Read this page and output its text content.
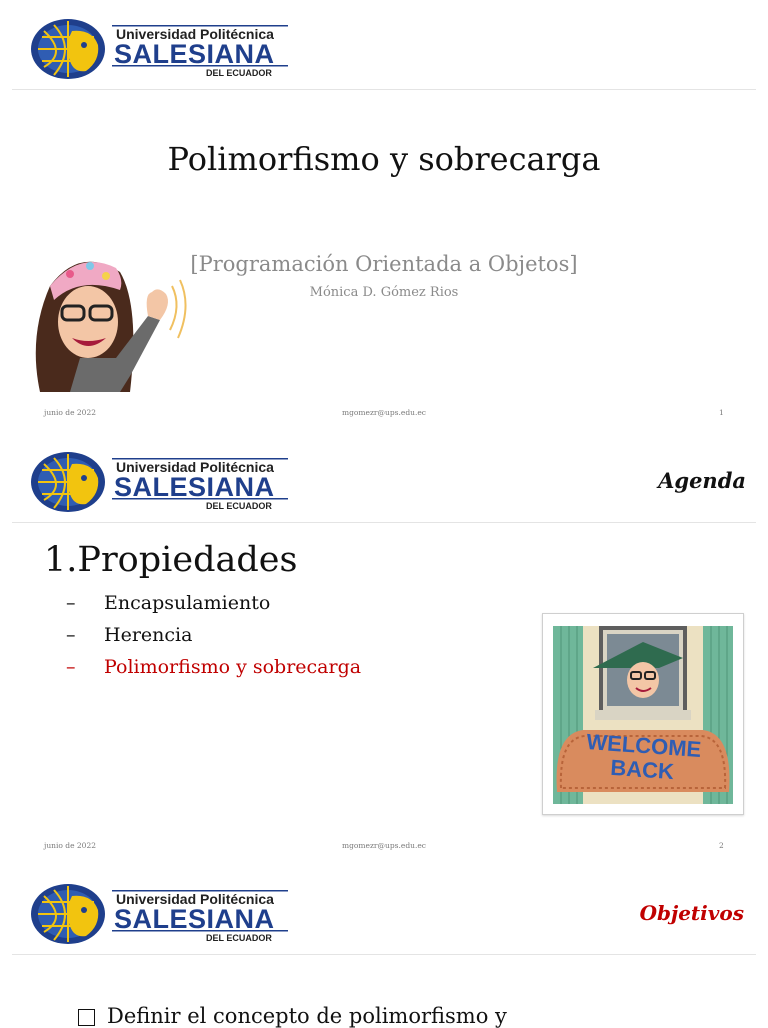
Universidad Politécnica
SALESIANA
DEL ECUADOR
Polimorfismo y sobrecarga
[Programación Orientada a Objetos]
Mónica D. Gómez Rios
junio de 2022	mgomezr@ups.edu.ec	1
Universidad Politécnica
SALESIANA
DEL ECUADOR
Agenda
1.Propiedades
– Encapsulamiento
– Herencia
– Polimorfismo y sobrecarga
WELCOME BACK
junio de 2022	mgomezr@ups.edu.ec	2
Universidad Politécnica
SALESIANA
DEL ECUADOR
Objetivos
Definir el concepto de polimorfismo y
